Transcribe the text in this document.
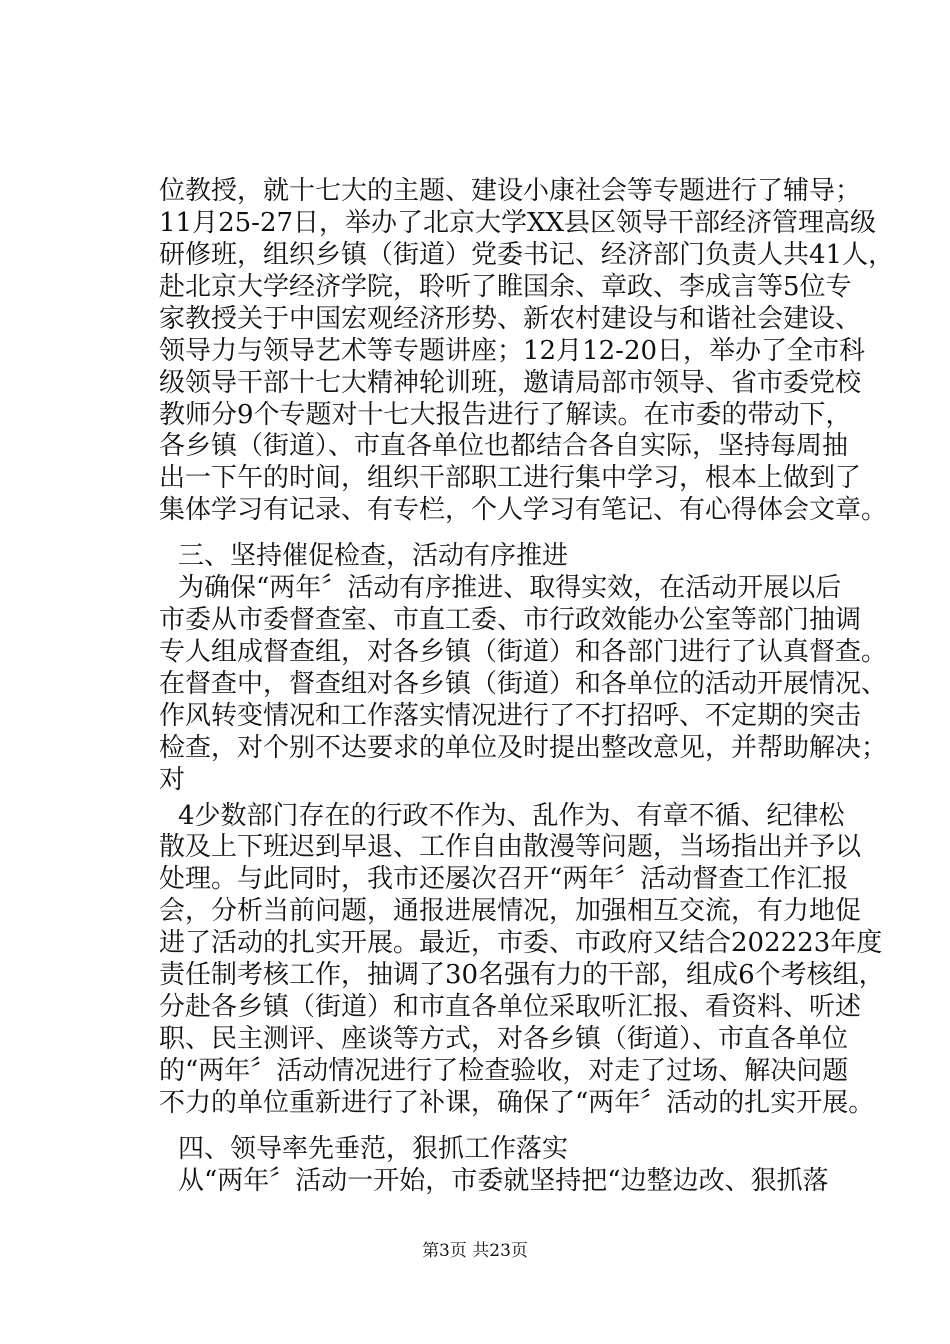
位教授，就十七大的主题、建设小康社会等专题进行了辅导；
11月25-27日，举办了北京大学XX县区领导干部经济管理高级
研修班，组织乡镇（街道）党委书记、经济部门负责人共41人，
赴北京大学经济学院，聆听了睢国余、章政、李成言等5位专
家教授关于中国宏观经济形势、新农村建设与和谐社会建设、
领导力与领导艺术等专题讲座；12月12-20日，举办了全市科
级领导干部十七大精神轮训班，邀请局部市领导、省市委党校
教师分9个专题对十七大报告进行了解读。在市委的带动下，
各乡镇（街道）、市直各单位也都结合各自实际，坚持每周抽
出一下午的时间，组织干部职工进行集中学习，根本上做到了
集体学习有记录、有专栏，个人学习有笔记、有心得体会文章。
三、坚持催促检查，活动有序推进
为确保“两年〞活动有序推进、取得实效，在活动开展以后
市委从市委督查室、市直工委、市行政效能办公室等部门抽调
专人组成督查组，对各乡镇（街道）和各部门进行了认真督查。
在督查中，督查组对各乡镇（街道）和各单位的活动开展情况、
作风转变情况和工作落实情况进行了不打招呼、不定期的突击
检查，对个别不达要求的单位及时提出整改意见，并帮助解决；
对
4少数部门存在的行政不作为、乱作为、有章不循、纪律松
散及上下班迟到早退、工作自由散漫等问题，当场指出并予以
处理。与此同时，我市还屡次召开“两年〞活动督查工作汇报
会，分析当前问题，通报进展情况，加强相互交流，有力地促
进了活动的扎实开展。最近，市委、市政府又结合202223年度
责任制考核工作，抽调了30名强有力的干部，组成6个考核组，
分赴各乡镇（街道）和市直各单位采取听汇报、看资料、听述
职、民主测评、座谈等方式，对各乡镇（街道）、市直各单位
的“两年〞活动情况进行了检查验收，对走了过场、解决问题
不力的单位重新进行了补课，确保了“两年〞活动的扎实开展。
四、领导率先垂范，狠抓工作落实
从“两年〞活动一开始，市委就坚持把“边整边改、狠抓落
第3页 共23页
